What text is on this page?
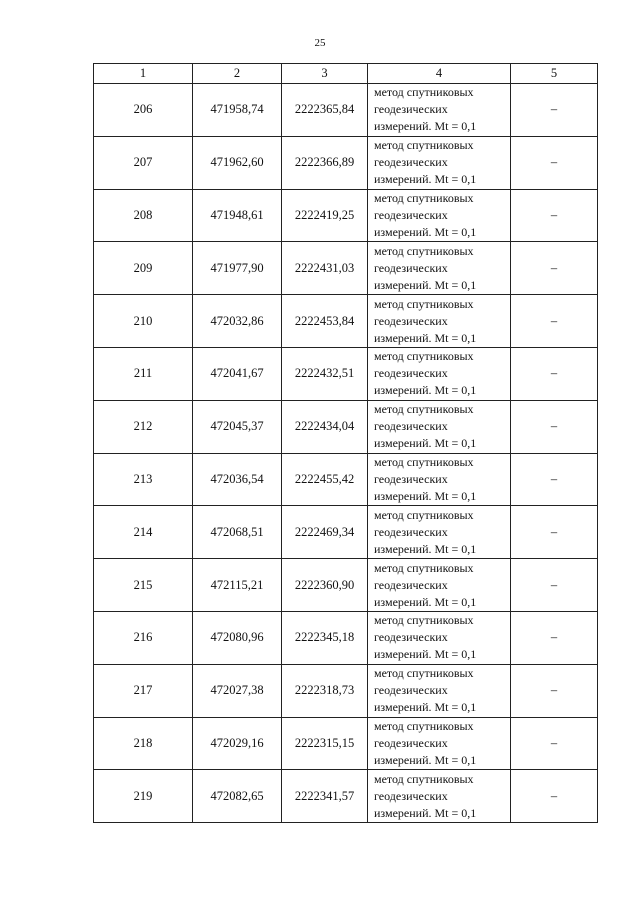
25
1	2	3	4	5
206	471958,74	2222365,84	метод спутниковых
геодезических
измерений. Mt = 0,1	–
207	471962,60	2222366,89	метод спутниковых
геодезических
измерений. Mt = 0,1	–
208	471948,61	2222419,25	метод спутниковых
геодезических
измерений. Mt = 0,1	–
209	471977,90	2222431,03	метод спутниковых
геодезических
измерений. Mt = 0,1	–
210	472032,86	2222453,84	метод спутниковых
геодезических
измерений. Mt = 0,1	–
211	472041,67	2222432,51	метод спутниковых
геодезических
измерений. Mt = 0,1	–
212	472045,37	2222434,04	метод спутниковых
геодезических
измерений. Mt = 0,1	–
213	472036,54	2222455,42	метод спутниковых
геодезических
измерений. Mt = 0,1	–
214	472068,51	2222469,34	метод спутниковых
геодезических
измерений. Mt = 0,1	–
215	472115,21	2222360,90	метод спутниковых
геодезических
измерений. Mt = 0,1	–
216	472080,96	2222345,18	метод спутниковых
геодезических
измерений. Mt = 0,1	–
217	472027,38	2222318,73	метод спутниковых
геодезических
измерений. Mt = 0,1	–
218	472029,16	2222315,15	метод спутниковых
геодезических
измерений. Mt = 0,1	–
219	472082,65	2222341,57	метод спутниковых
геодезических
измерений. Mt = 0,1	–
